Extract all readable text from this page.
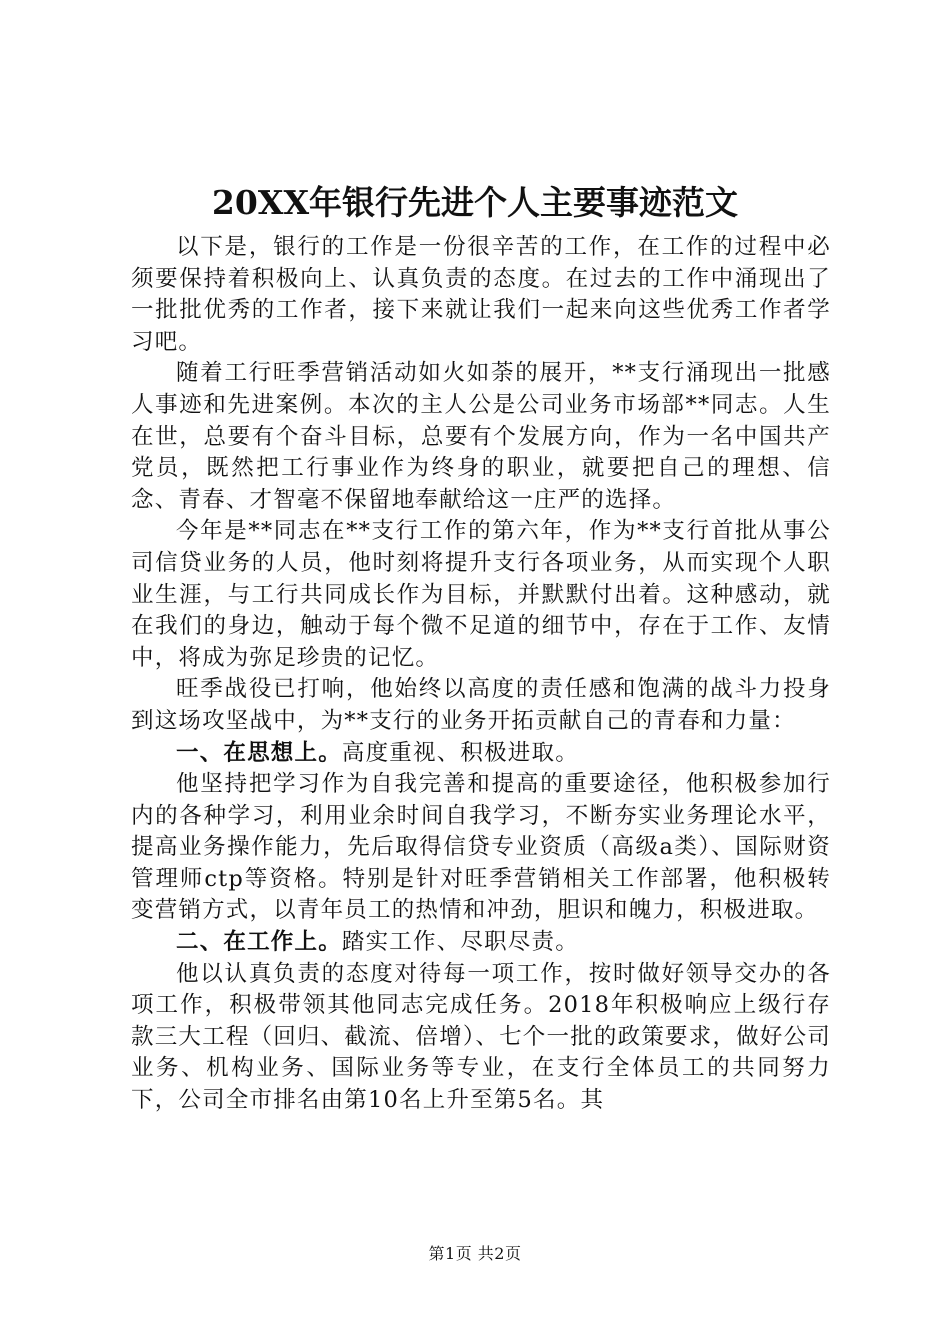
20XX年银行先进个人主要事迹范文

以下是，银行的工作是一份很辛苦的工作，在工作的过程中必须要保持着积极向上、认真负责的态度。在过去的工作中涌现出了一批批优秀的工作者，接下来就让我们一起来向这些优秀工作者学习吧。

随着工行旺季营销活动如火如荼的展开，**支行涌现出一批感人事迹和先进案例。本次的主人公是公司业务市场部**同志。人生在世，总要有个奋斗目标，总要有个发展方向，作为一名中国共产党员，既然把工行事业作为终身的职业，就要把自己的理想、信念、青春、才智毫不保留地奉献给这一庄严的选择。

今年是**同志在**支行工作的第六年，作为**支行首批从事公司信贷业务的人员，他时刻将提升支行各项业务，从而实现个人职业生涯，与工行共同成长作为目标，并默默付出着。这种感动，就在我们的身边，触动于每个微不足道的细节中，存在于工作、友情中，将成为弥足珍贵的记忆。

旺季战役已打响，他始终以高度的责任感和饱满的战斗力投身到这场攻坚战中，为**支行的业务开拓贡献自己的青春和力量：

一、在思想上。高度重视、积极进取。

他坚持把学习作为自我完善和提高的重要途径，他积极参加行内的各种学习，利用业余时间自我学习，不断夯实业务理论水平，提高业务操作能力，先后取得信贷专业资质（高级a类）、国际财资管理师ctp等资格。特别是针对旺季营销相关工作部署，他积极转变营销方式，以青年员工的热情和冲劲，胆识和魄力，积极进取。

二、在工作上。踏实工作、尽职尽责。

他以认真负责的态度对待每一项工作，按时做好领导交办的各项工作，积极带领其他同志完成任务。2018年积极响应上级行存款三大工程（回归、截流、倍增）、七个一批的政策要求，做好公司业务、机构业务、国际业务等专业，在支行全体员工的共同努力下，公司全市排名由第10名上升至第5名。其

第1页 共2页
